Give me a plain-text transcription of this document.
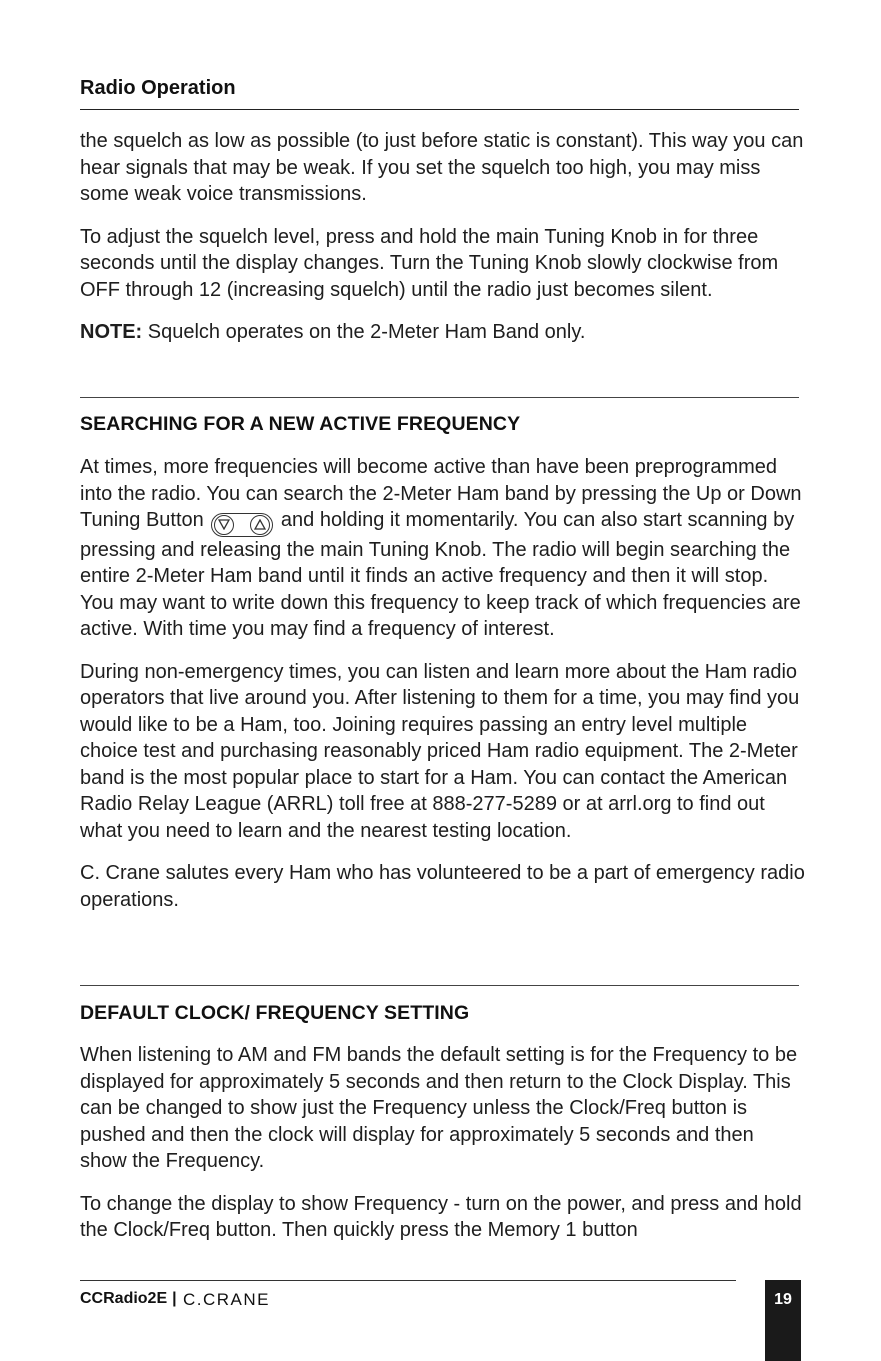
Radio Operation

the squelch as low as possible (to just before static is constant). This way you can hear signals that may be weak. If you set the squelch too high, you may miss some weak voice transmissions.

To adjust the squelch level, press and hold the main Tuning Knob in for three seconds until the display changes. Turn the Tuning Knob slowly clockwise from OFF through 12 (increasing squelch) until the radio just becomes silent.

NOTE: Squelch operates on the 2-Meter Ham Band only.

SEARCHING FOR A NEW ACTIVE FREQUENCY

At times, more frequencies will become active than have been preprogrammed into the radio. You can search the 2-Meter Ham band by pressing the Up or Down Tuning Button	and holding it momentarily. You can also start scanning by pressing and releasing the main Tuning Knob. The radio will begin searching the entire 2-Meter Ham band until it finds an active frequency and then it will stop. You may want to write down this frequency to keep track of which frequencies are active. With time you may find a frequency of interest.

During non-emergency times, you can listen and learn more about the Ham radio operators that live around you. After listening to them for a time, you may find you would like to be a Ham, too. Joining requires passing an entry level multiple choice test and purchasing reasonably priced Ham radio equipment. The 2-Meter band is the most popular place to start for a Ham. You can contact the American Radio Relay League (ARRL) toll free at 888-277-5289 or at arrl.org to find out what you need to learn and the nearest testing location.

C. Crane salutes every Ham who has volunteered to be a part of emergency radio operations.

DEFAULT CLOCK/ FREQUENCY SETTING

When listening to AM and FM bands the default setting is for the Frequency to be displayed for approximately 5 seconds and then return to the Clock Display. This can be changed to show just the Frequency unless the Clock/Freq button is pushed and then the clock will display for approximately 5 seconds and then show the Frequency.

To change the display to show Frequency - turn on the power, and press and hold the Clock/Freq button. Then quickly press the Memory 1 button

CCRadio2E | C.CRANE	19
